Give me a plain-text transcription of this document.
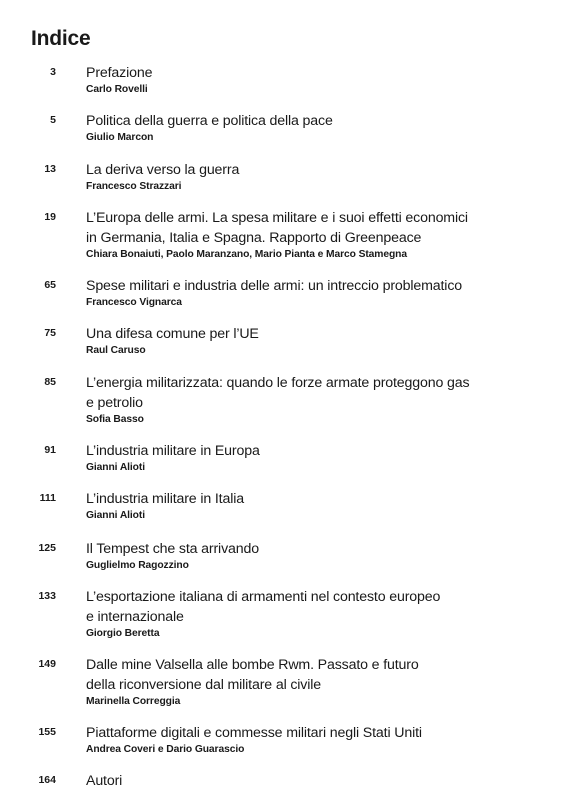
Indice
3 Prefazione
Carlo Rovelli
5 Politica della guerra e politica della pace
Giulio Marcon
13 La deriva verso la guerra
Francesco Strazzari
19 L’Europa delle armi. La spesa militare e i suoi effetti economici
in Germania, Italia e Spagna. Rapporto di Greenpeace
Chiara Bonaiuti, Paolo Maranzano, Mario Pianta e Marco Stamegna
65 Spese militari e industria delle armi: un intreccio problematico
Francesco Vignarca
75 Una difesa comune per l’UE
Raul Caruso
85 L’energia militarizzata: quando le forze armate proteggono gas
e petrolio
Sofia Basso
91 L’industria militare in Europa
Gianni Alioti
111 L’industria militare in Italia
Gianni Alioti
125 Il Tempest che sta arrivando
Guglielmo Ragozzino
133 L’esportazione italiana di armamenti nel contesto europeo
e internazionale
Giorgio Beretta
149 Dalle mine Valsella alle bombe Rwm. Passato e futuro
della riconversione dal militare al civile
Marinella Correggia
155 Piattaforme digitali e commesse militari negli Stati Uniti
Andrea Coveri e Dario Guarascio
164 Autori
